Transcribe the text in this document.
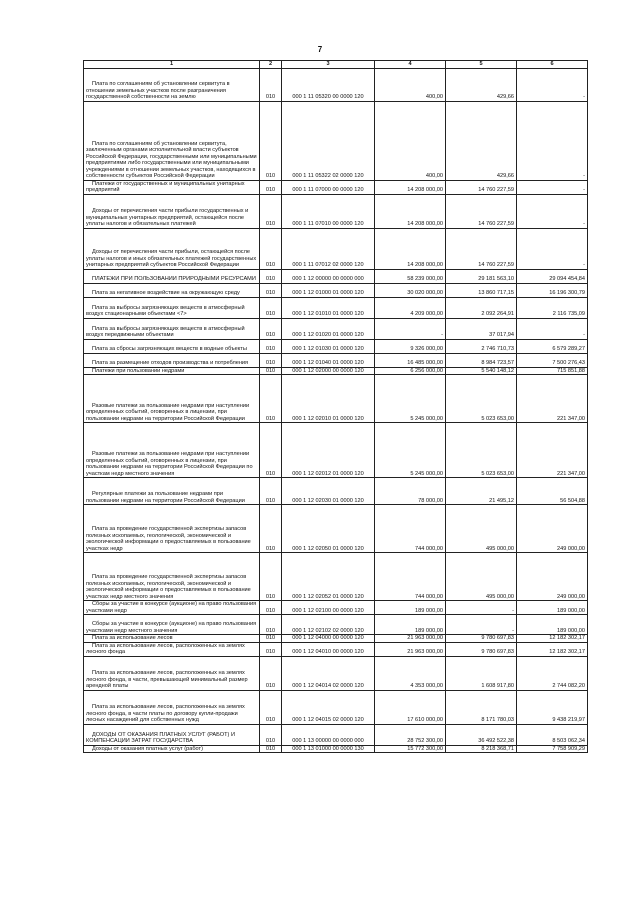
7
1	2	3	4	5	6
Плата по соглашениям об установлении сервитута в отношении земельных участков после разграничения государственной собственности на землю	010	000 1 11 05320 00 0000 120	400,00	429,66	-
Плата по соглашениям об установлении сервитута, заключенным органами исполнительной власти субъектов Российской Федерации, государственными или муниципальными предприятиями либо государственными или муниципальными учреждениями в отношении земельных участков, находящихся в собственности субъектов Российской Федерации	010	000 1 11 05322 02 0000 120	400,00	429,66	-
Платежи от государственных и муниципальных унитарных предприятий	010	000 1 11 07000 00 0000 120	14 208 000,00	14 760 227,59	-
Доходы от перечисления части прибыли государственных и муниципальных унитарных предприятий, остающейся после уплаты налогов и обязательных платежей	010	000 1 11 07010 00 0000 120	14 208 000,00	14 760 227,59	-
Доходы от перечисления части прибыли, остающейся после уплаты налогов и иных обязательных платежей государственных унитарных предприятий субъектов Российской Федерации	010	000 1 11 07012 02 0000 120	14 208 000,00	14 760 227,59	-
ПЛАТЕЖИ ПРИ ПОЛЬЗОВАНИИ ПРИРОДНЫМИ РЕСУРСАМИ	010	000 1 12 00000 00 0000 000	58 239 000,00	29 181 563,10	29 094 454,84
Плата за негативное воздействие на окружающую среду	010	000 1 12 01000 01 0000 120	30 020 000,00	13 860 717,15	16 196 300,79
Плата за выбросы загрязняющих веществ в атмосферный воздух стационарными объектами <7>	010	000 1 12 01010 01 0000 120	4 209 000,00	2 092 264,91	2 116 735,09
Плата за выбросы загрязняющих веществ в атмосферный воздух передвижными объектами	010	000 1 12 01020 01 0000 120	-	37 017,94	-
Плата за сбросы загрязняющих веществ в водные объекты	010	000 1 12 01030 01 0000 120	9 326 000,00	2 746 710,73	6 579 289,27
Плата за размещение отходов производства и потребления	010	000 1 12 01040 01 0000 120	16 485 000,00	8 984 723,57	7 500 276,43
Платежи при пользовании недрами	010	000 1 12 02000 00 0000 120	6 256 000,00	5 540 148,12	715 851,88
Разовые платежи за пользование недрами при наступлении определенных событий, оговоренных в лицензии, при пользовании недрами на территории Российской Федерации	010	000 1 12 02010 01 0000 120	5 245 000,00	5 023 653,00	221 347,00
Разовые платежи за пользование недрами при наступлении определенных событий, оговоренных в лицензии, при пользовании недрами на территории Российской Федерации по участкам недр местного значения	010	000 1 12 02012 01 0000 120	5 245 000,00	5 023 653,00	221 347,00
Регулярные платежи за пользование недрами при пользовании недрами на территории Российской Федерации	010	000 1 12 02030 01 0000 120	78 000,00	21 495,12	56 504,88
Плата за проведение государственной экспертизы запасов полезных ископаемых, геологической, экономической и экологической информации о предоставляемых в пользование участках недр	010	000 1 12 02050 01 0000 120	744 000,00	495 000,00	249 000,00
Плата за проведение государственной экспертизы запасов полезных ископаемых, геологической, экономической и экологической информации о предоставляемых в пользование участках недр местного значения	010	000 1 12 02052 01 0000 120	744 000,00	495 000,00	249 000,00
Сборы за участие в конкурсе (аукционе) на право пользования участками недр	010	000 1 12 02100 00 0000 120	189 000,00	-	189 000,00
Сборы за участие в конкурсе (аукционе) на право пользования участками недр местного значения	010	000 1 12 02102 02 0000 120	189 000,00	-	189 000,00
Плата за использование лесов	010	000 1 12 04000 00 0000 120	21 963 000,00	9 780 697,83	12 182 302,17
Плата за использование лесов, расположенных на землях лесного фонда	010	000 1 12 04010 00 0000 120	21 963 000,00	9 780 697,83	12 182 302,17
Плата за использование лесов, расположенных на землях лесного фонда, в части, превышающей минимальный размер арендной платы	010	000 1 12 04014 02 0000 120	4 353 000,00	1 608 917,80	2 744 082,20
Плата за использование лесов, расположенных на землях лесного фонда, в части платы по договору купли-продажи лесных насаждений для собственных нужд	010	000 1 12 04015 02 0000 120	17 610 000,00	8 171 780,03	9 438 219,97
ДОХОДЫ ОТ ОКАЗАНИЯ ПЛАТНЫХ УСЛУГ (РАБОТ) И КОМПЕНСАЦИИ ЗАТРАТ ГОСУДАРСТВА	010	000 1 13 00000 00 0000 000	28 752 300,00	36 492 522,38	8 503 062,34
Доходы от оказания платных услуг (работ)	010	000 1 13 01000 00 0000 130	15 772 300,00	8 218 368,71	7 758 909,29
